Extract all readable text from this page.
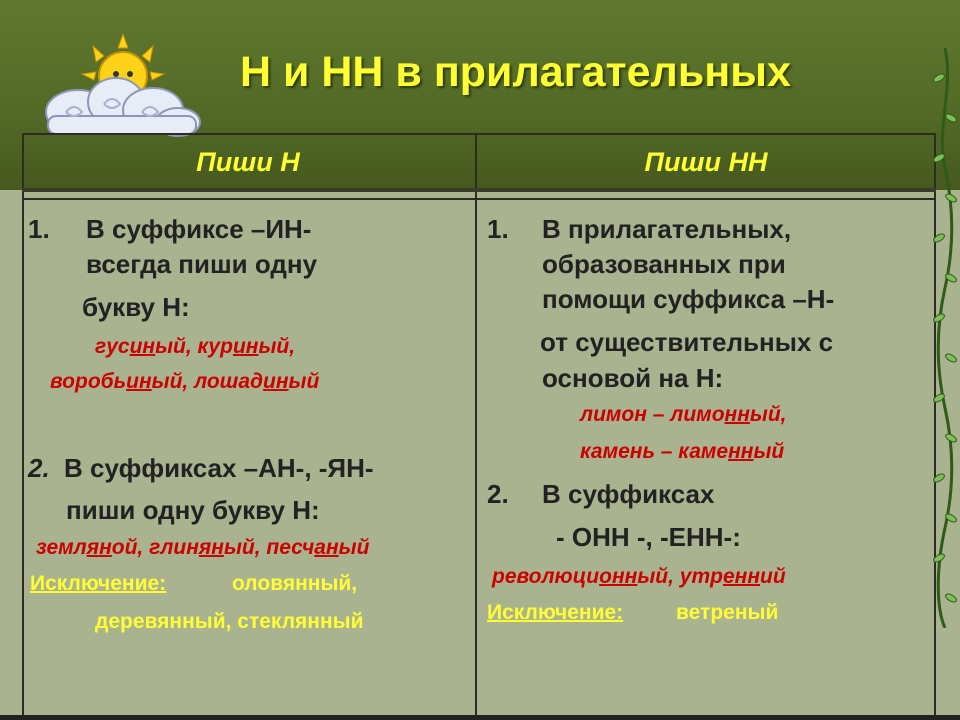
Н и НН в прилагательных
Пиши Н	Пиши НН
1. В суффиксе –ИН-
всегда пиши одну
букву Н:
гусиный, куриный,
воробьиный, лошадиный
2. В суффиксах –АН-, -ЯН-
пиши одну букву Н:
земляной, глиняный, песчаный
Исключение:	оловянный,
деревянный, стеклянный
1. В прилагательных,
образованных при
помощи суффикса –Н-
от существительных с
основой на Н:
лимон – лимонный,
камень – каменный
2. В суффиксах
- ОНН -, -ЕНН-:
революционный, утренний
Исключение:	ветреный
